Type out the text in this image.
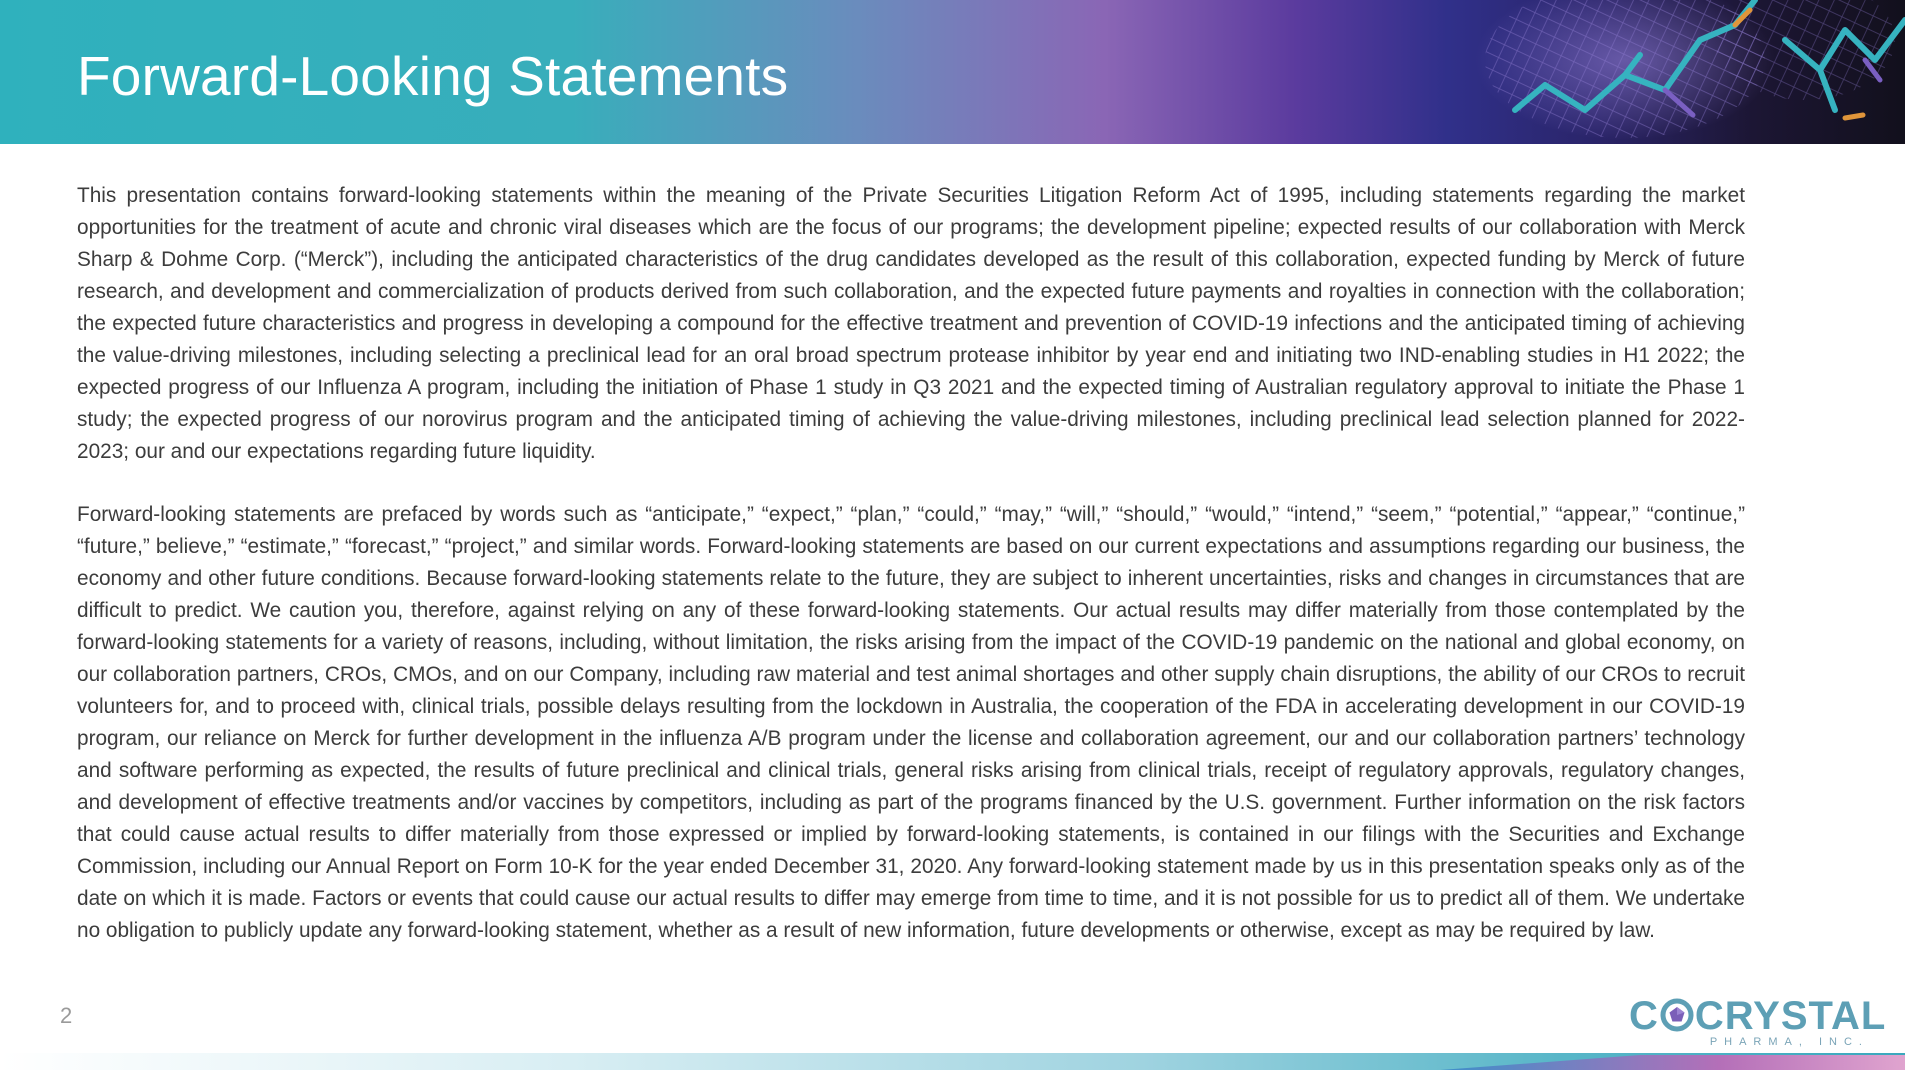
Forward-Looking Statements

This presentation contains forward-looking statements within the meaning of the Private Securities Litigation Reform Act of 1995, including statements regarding the market opportunities for the treatment of acute and chronic viral diseases which are the focus of our programs; the development pipeline; expected results of our collaboration with Merck Sharp & Dohme Corp. (“Merck”), including the anticipated characteristics of the drug candidates developed as the result of this collaboration, expected funding by Merck of future research, and development and commercialization of products derived from such collaboration, and the expected future payments and royalties in connection with the collaboration; the expected future characteristics and progress in developing a compound for the effective treatment and prevention of COVID-19 infections and the anticipated timing of achieving the value-driving milestones, including selecting a preclinical lead for an oral broad spectrum protease inhibitor by year end and initiating two IND-enabling studies in H1 2022; the expected progress of our Influenza A program, including the initiation of Phase 1 study in Q3 2021 and the expected timing of Australian regulatory approval to initiate the Phase 1 study; the expected progress of our norovirus program and the anticipated timing of achieving the value-driving milestones, including preclinical lead selection planned for 2022-2023; our and our expectations regarding future liquidity.

Forward-looking statements are prefaced by words such as “anticipate,” “expect,” “plan,” “could,” “may,” “will,” “should,” “would,” “intend,” “seem,” “potential,” “appear,” “continue,” “future,” believe,” “estimate,” “forecast,” “project,” and similar words. Forward-looking statements are based on our current expectations and assumptions regarding our business, the economy and other future conditions. Because forward-looking statements relate to the future, they are subject to inherent uncertainties, risks and changes in circumstances that are difficult to predict. We caution you, therefore, against relying on any of these forward-looking statements. Our actual results may differ materially from those contemplated by the forward-looking statements for a variety of reasons, including, without limitation, the risks arising from the impact of the COVID-19 pandemic on the national and global economy, on our collaboration partners, CROs, CMOs, and on our Company, including raw material and test animal shortages and other supply chain disruptions, the ability of our CROs to recruit volunteers for, and to proceed with, clinical trials, possible delays resulting from the lockdown in Australia, the cooperation of the FDA in accelerating development in our COVID-19 program, our reliance on Merck for further development in the influenza A/B program under the license and collaboration agreement, our and our collaboration partners’ technology and software performing as expected, the results of future preclinical and clinical trials, general risks arising from clinical trials, receipt of regulatory approvals, regulatory changes, and development of effective treatments and/or vaccines by competitors, including as part of the programs financed by the U.S. government. Further information on the risk factors that could cause actual results to differ materially from those expressed or implied by forward-looking statements, is contained in our filings with the Securities and Exchange Commission, including our Annual Report on Form 10-K for the year ended December 31, 2020. Any forward-looking statement made by us in this presentation speaks only as of the date on which it is made. Factors or events that could cause our actual results to differ may emerge from time to time, and it is not possible for us to predict all of them. We undertake no obligation to publicly update any forward-looking statement, whether as a result of new information, future developments or otherwise, except as may be required by law.

2	C CRYSTAL
PHARMA, INC.
